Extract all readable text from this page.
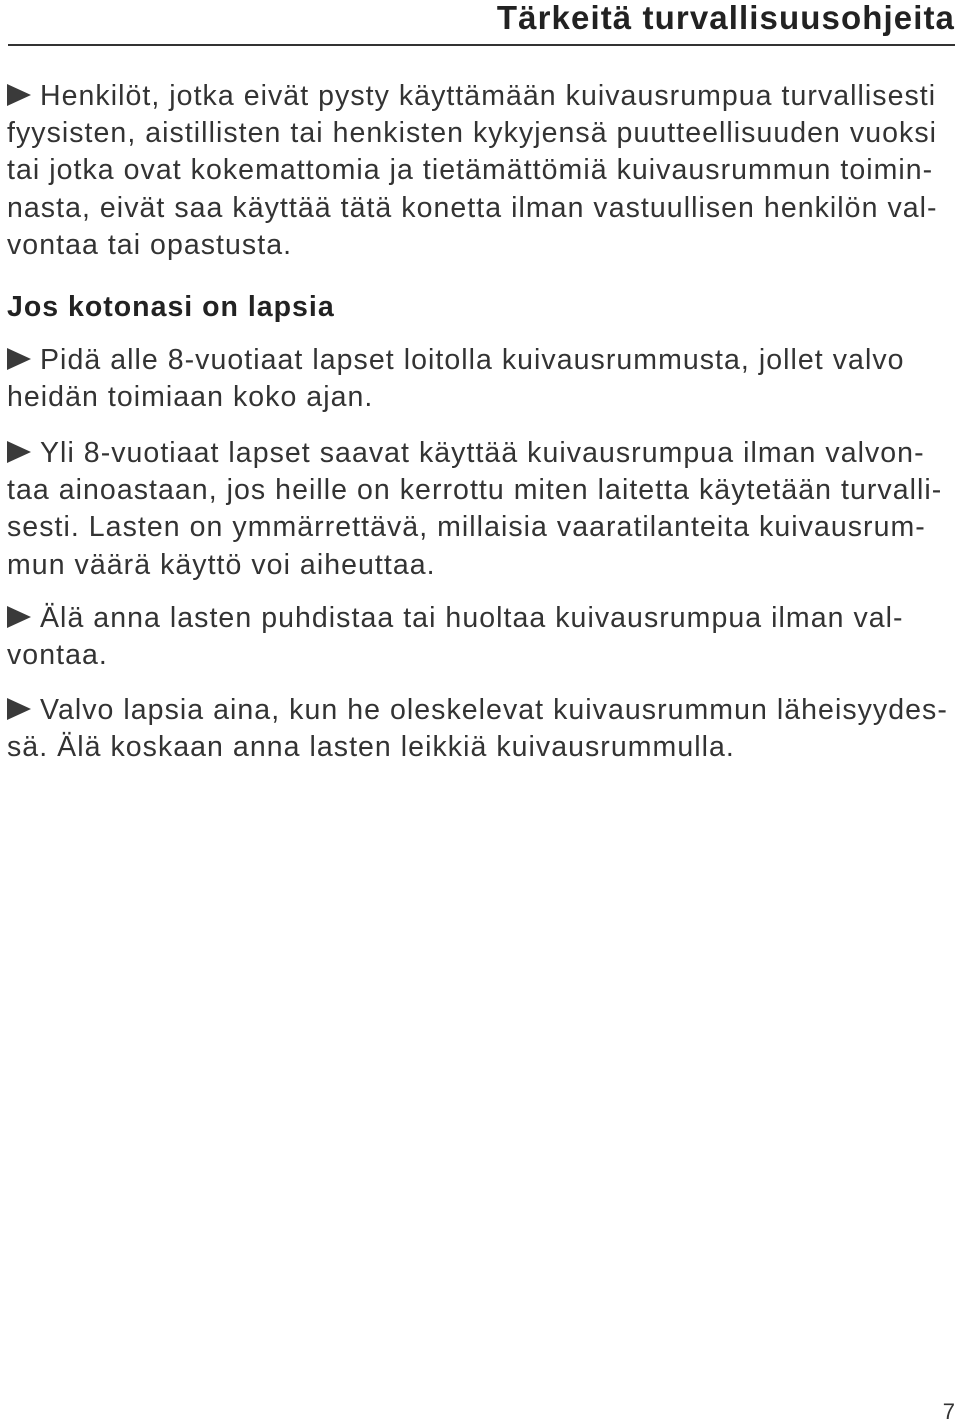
Tärkeitä turvallisuusohjeita
Henkilöt, jotka eivät pysty käyttämään kuivausrumpua turvallisesti
fyysisten, aistillisten tai henkisten kykyjensä puutteellisuuden vuoksi
tai jotka ovat kokemattomia ja tietämättömiä kuivausrummun toimin-
nasta, eivät saa käyttää tätä konetta ilman vastuullisen henkilön val-
vontaa tai opastusta.
Jos kotonasi on lapsia
Pidä alle 8-vuotiaat lapset loitolla kuivausrummusta, jollet valvo
heidän toimiaan koko ajan.
Yli 8-vuotiaat lapset saavat käyttää kuivausrumpua ilman valvon-
taa ainoastaan, jos heille on kerrottu miten laitetta käytetään turvalli-
sesti. Lasten on ymmärrettävä, millaisia vaaratilanteita kuivausrum-
mun väärä käyttö voi aiheuttaa.
Älä anna lasten puhdistaa tai huoltaa kuivausrumpua ilman val-
vontaa.
Valvo lapsia aina, kun he oleskelevat kuivausrummun läheisyydes-
sä. Älä koskaan anna lasten leikkiä kuivausrummulla.
7
